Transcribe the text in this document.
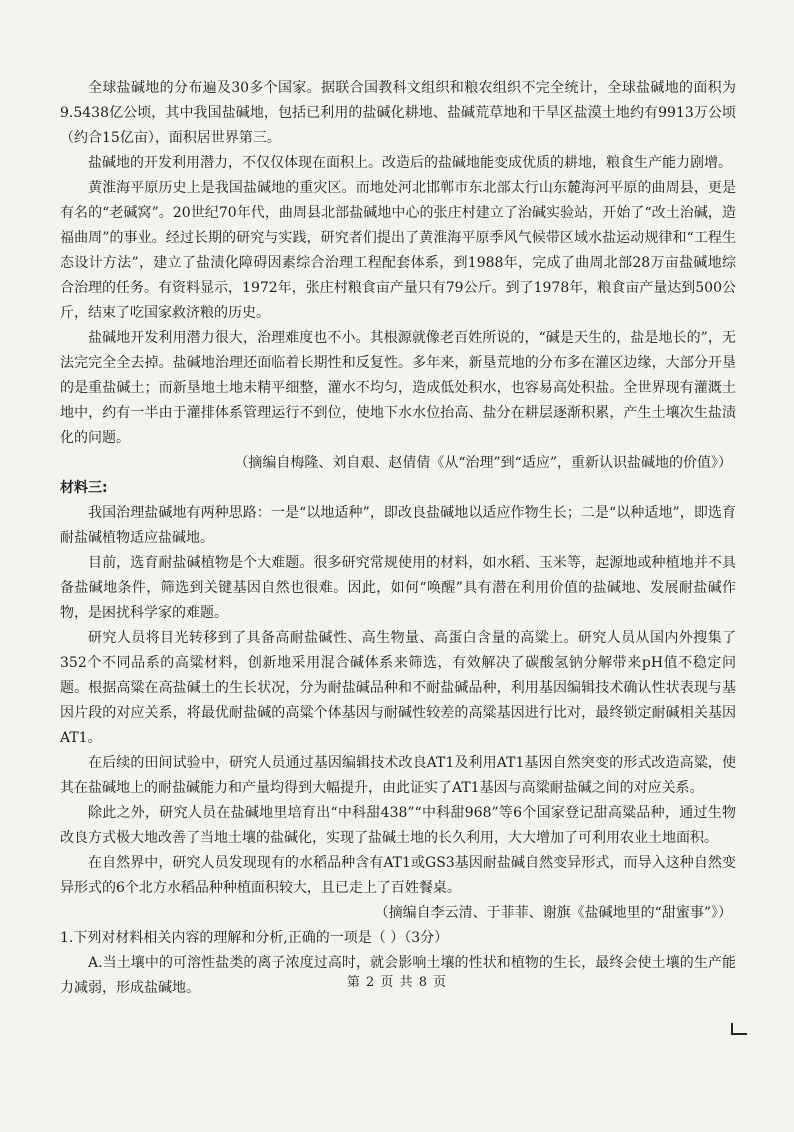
全球盐碱地的分布遍及30多个国家。据联合国教科文组织和粮农组织不完全统计，全球盐碱地的面积为9.5438亿公顷，其中我国盐碱地，包括已利用的盐碱化耕地、盐碱荒草地和干旱区盐漠土地约有9913万公顷（约合15亿亩），面积居世界第三。

盐碱地的开发利用潜力，不仅仅体现在面积上。改造后的盐碱地能变成优质的耕地，粮食生产能力剧增。

黄淮海平原历史上是我国盐碱地的重灾区。而地处河北邯郸市东北部太行山东麓海河平原的曲周县，更是有名的“老碱窝”。20世纪70年代，曲周县北部盐碱地中心的张庄村建立了治碱实验站，开始了“改土治碱，造福曲周”的事业。经过长期的研究与实践，研究者们提出了黄淮海平原季风气候带区域水盐运动规律和“工程生态设计方法”，建立了盐渍化障碍因素综合治理工程配套体系，到1988年，完成了曲周北部28万亩盐碱地综合治理的任务。有资料显示，1972年，张庄村粮食亩产量只有79公斤。到了1978年，粮食亩产量达到500公斤，结束了吃国家救济粮的历史。

盐碱地开发利用潜力很大，治理难度也不小。其根源就像老百姓所说的，“碱是天生的，盐是地长的”，无法完完全全去掉。盐碱地治理还面临着长期性和反复性。多年来，新垦荒地的分布多在灌区边缘，大部分开垦的是重盐碱土；而新垦地土地未精平细整，灌水不均匀，造成低处积水，也容易高处积盐。全世界现有灌溉土地中，约有一半由于灌排体系管理运行不到位，使地下水水位抬高、盐分在耕层逐渐积累，产生土壤次生盐渍化的问题。

（摘编自梅隆、刘自艰、赵倩倩《从“治理”到“适应”，重新认识盐碱地的价值》）

材料三:

我国治理盐碱地有两种思路：一是“以地适种”，即改良盐碱地以适应作物生长；二是“以种适地”，即选育耐盐碱植物适应盐碱地。

目前，选育耐盐碱植物是个大难题。很多研究常规使用的材料，如水稻、玉米等，起源地或种植地并不具备盐碱地条件，筛选到关键基因自然也很难。因此，如何“唤醒”具有潜在利用价值的盐碱地、发展耐盐碱作物，是困扰科学家的难题。

研究人员将目光转移到了具备高耐盐碱性、高生物量、高蛋白含量的高粱上。研究人员从国内外搜集了352个不同品系的高粱材料，创新地采用混合碱体系来筛选，有效解决了碳酸氢钠分解带来pH值不稳定问题。根据高粱在高盐碱土的生长状况，分为耐盐碱品种和不耐盐碱品种，利用基因编辑技术确认性状表现与基因片段的对应关系，将最优耐盐碱的高粱个体基因与耐碱性较差的高粱基因进行比对，最终锁定耐碱相关基因AT1。

在后续的田间试验中，研究人员通过基因编辑技术改良AT1及利用AT1基因自然突变的形式改造高粱，使其在盐碱地上的耐盐碱能力和产量均得到大幅提升，由此证实了AT1基因与高粱耐盐碱之间的对应关系。

除此之外，研究人员在盐碱地里培育出“中科甜438”“中科甜968”等6个国家登记甜高粱品种，通过生物改良方式极大地改善了当地土壤的盐碱化，实现了盐碱土地的长久利用，大大增加了可利用农业土地面积。

在自然界中，研究人员发现现有的水稻品种含有AT1或GS3基因耐盐碱自然变异形式，而导入这种自然变异形式的6个北方水稻品种种植面积较大，且已走上了百姓餐桌。

（摘编自李云清、于菲菲、谢旗《盐碱地里的“甜蜜事”》）

1.下列对材料相关内容的理解和分析,正确的一项是（ ）（3分）

A.当土壤中的可溶性盐类的离子浓度过高时，就会影响土壤的性状和植物的生长，最终会使土壤的生产能力减弱，形成盐碱地。	第 2 页 共 8 页
